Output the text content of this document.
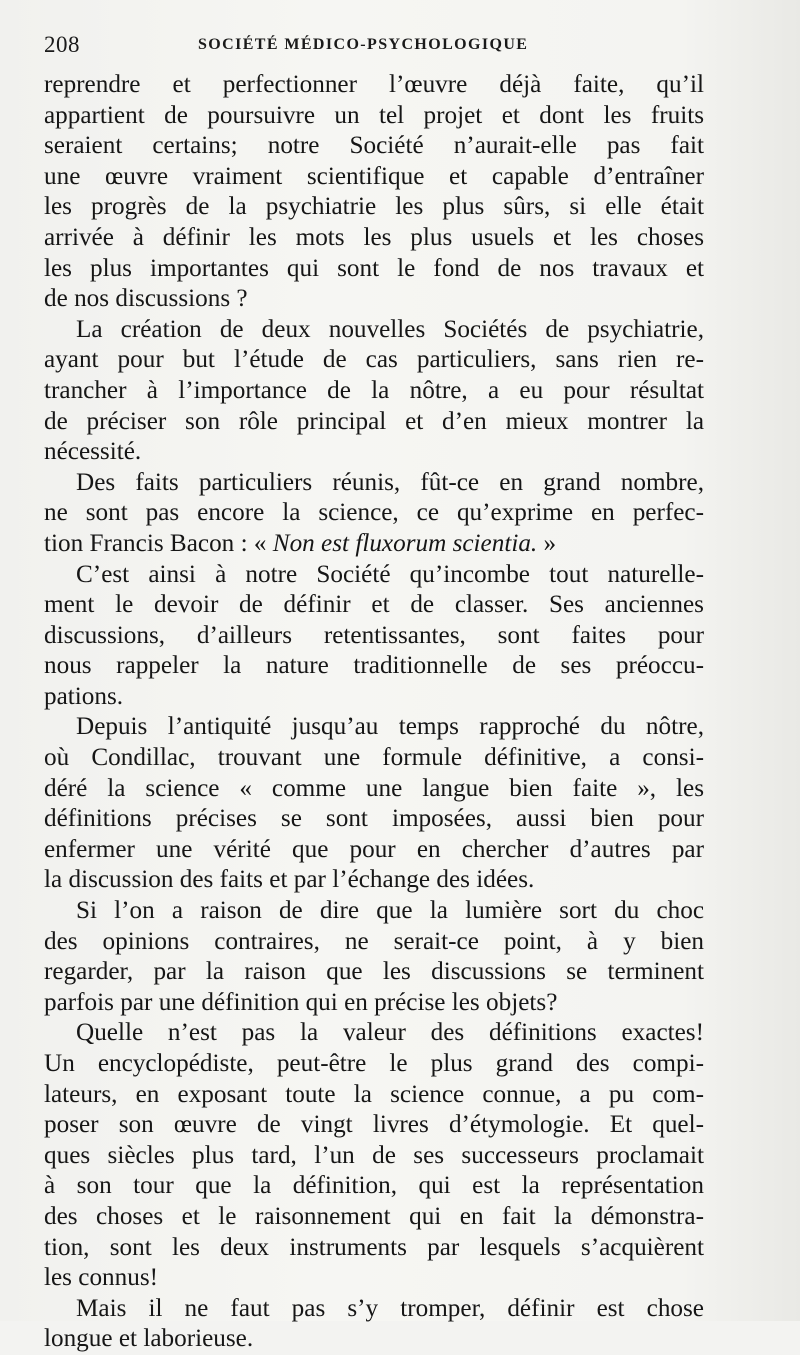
208	SOCIÉTÉ MÉDICO-PSYCHOLOGIQUE
reprendre et perfectionner l’œuvre déjà faite, qu’il
appartient de poursuivre un tel projet et dont les fruits
seraient certains; notre Société n’aurait-elle pas fait
une œuvre vraiment scientifique et capable d’entraîner
les progrès de la psychiatrie les plus sûrs, si elle était
arrivée à définir les mots les plus usuels et les choses
les plus importantes qui sont le fond de nos travaux et
de nos discussions ?
La création de deux nouvelles Sociétés de psychiatrie,
ayant pour but l’étude de cas particuliers, sans rien re-
trancher à l’importance de la nôtre, a eu pour résultat
de préciser son rôle principal et d’en mieux montrer la
nécessité.
Des faits particuliers réunis, fût-ce en grand nombre,
ne sont pas encore la science, ce qu’exprime en perfec-
tion Francis Bacon : « Non est fluxorum scientia. »
C’est ainsi à notre Société qu’incombe tout naturelle-
ment le devoir de définir et de classer. Ses anciennes
discussions, d’ailleurs retentissantes, sont faites pour
nous rappeler la nature traditionnelle de ses préoccu-
pations.
Depuis l’antiquité jusqu’au temps rapproché du nôtre,
où Condillac, trouvant une formule définitive, a consi-
déré la science « comme une langue bien faite », les
définitions précises se sont imposées, aussi bien pour
enfermer une vérité que pour en chercher d’autres par
la discussion des faits et par l’échange des idées.
Si l’on a raison de dire que la lumière sort du choc
des opinions contraires, ne serait-ce point, à y bien
regarder, par la raison que les discussions se terminent
parfois par une définition qui en précise les objets?
Quelle n’est pas la valeur des définitions exactes!
Un encyclopédiste, peut-être le plus grand des compi-
lateurs, en exposant toute la science connue, a pu com-
poser son œuvre de vingt livres d’étymologie. Et quel-
ques siècles plus tard, l’un de ses successeurs proclamait
à son tour que la définition, qui est la représentation
des choses et le raisonnement qui en fait la démonstra-
tion, sont les deux instruments par lesquels s’acquièrent
les connus!
Mais il ne faut pas s’y tromper, définir est chose
longue et laborieuse.
